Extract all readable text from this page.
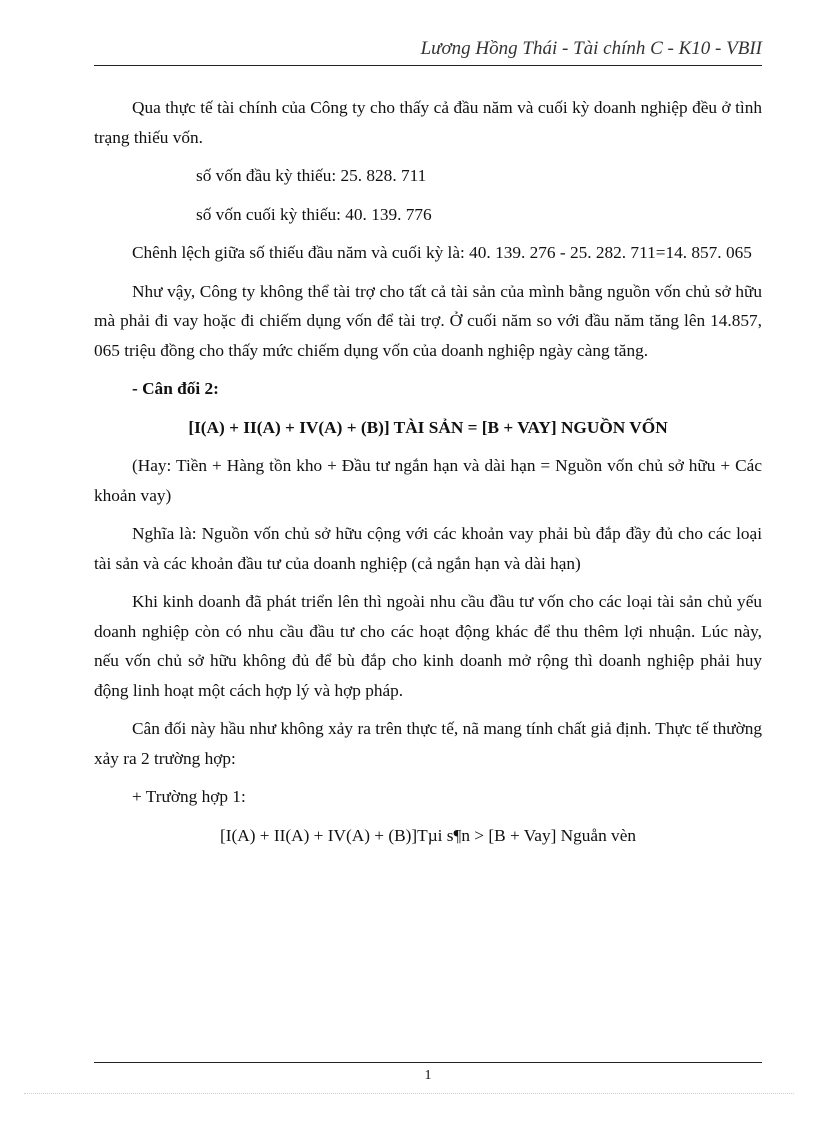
Lương Hồng Thái - Tài chính C - K10 - VBII

Qua thực tế tài chính của Công ty cho thấy cả đầu năm và cuối kỳ doanh nghiệp đều ở tình trạng thiếu vốn.

số vốn đầu kỳ thiếu: 25. 828. 711

số vốn cuối kỳ thiếu: 40. 139. 776

Chênh lệch giữa số thiếu đầu năm và cuối kỳ là: 40. 139. 276 - 25. 282. 711=14. 857. 065

Như vậy, Công ty không thể tài trợ cho tất cả tài sản của mình bằng nguồn vốn chủ sở hữu mà phải đi vay hoặc đi chiếm dụng vốn để tài trợ. Ở cuối năm so với đầu năm tăng lên 14.857, 065 triệu đồng cho thấy mức chiếm dụng vốn của doanh nghiệp ngày càng tăng.

- Cân đối 2:

[I(A) + II(A) + IV(A) + (B)] TÀI SẢN = [B + VAY] NGUỒN VỐN

(Hay: Tiền + Hàng tồn kho + Đầu tư ngắn hạn và dài hạn = Nguồn vốn chủ sở hữu + Các khoản vay)

Nghĩa là: Nguồn vốn chủ sở hữu cộng với các khoản vay phải bù đắp đầy đủ cho các loại tài sản và các khoản đầu tư của doanh nghiệp (cả ngắn hạn và dài hạn)

Khi kinh doanh đã phát triển lên thì ngoài nhu cầu đầu tư vốn cho các loại tài sản chủ yếu doanh nghiệp còn có nhu cầu đầu tư cho các hoạt động khác để thu thêm lợi nhuận. Lúc này, nếu vốn chủ sở hữu không đủ để bù đắp cho kinh doanh mở rộng thì doanh nghiệp phải huy động linh hoạt một cách hợp lý và hợp pháp.

Cân đối này hầu như không xảy ra trên thực tế, nã mang tính chất giả định. Thực tế thường xảy ra 2 trường hợp:

+ Trường hợp 1:

[I(A) + II(A) + IV(A) + (B)]Tµi s¶n > [B + Vay] Nguån vèn

1
